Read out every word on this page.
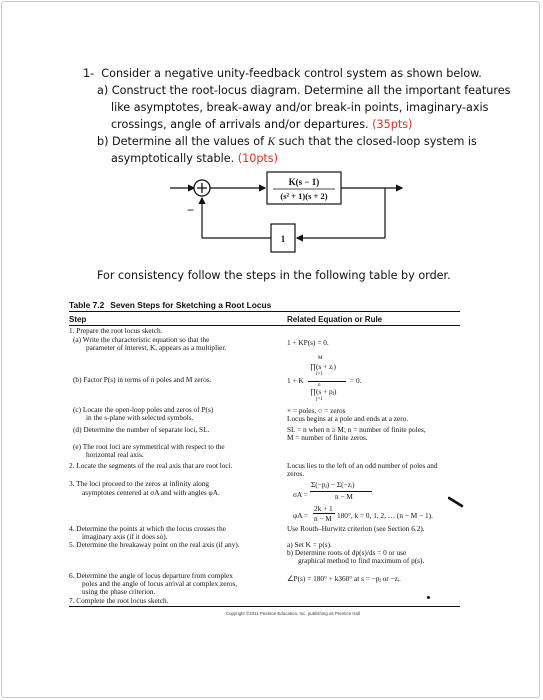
1- Consider a negative unity-feedback control system as shown below.
a) Construct the root-locus diagram. Determine all the important features
like asymptotes, break-away and/or break-in points, imaginary-axis
crossings, angle of arrivals and/or departures. (35pts)
b) Determine all the values of K such that the closed-loop system is
asymptotically stable. (10pts)
−
K(s − 1)
(s² + 1)(s + 2)
1
For consistency follow the steps in the following table by order.
Table 7.2 Seven Steps for Sketching a Root Locus
Step	Related Equation or Rule
1. Prepare the root locus sketch.
(a) Write the characteristic equation so that the
parameter of interest, K, appears as a multiplier.
(b) Factor P(s) in terms of n poles and M zeros.
(c) Locate the open-loop poles and zeros of P(s)
in the s-plane with selected symbols.
(d) Determine the number of separate loci, SL.
(e) The root loci are symmetrical with respect to the
horizontal real axis.
2. Locate the segments of the real axis that are root loci.
3. The loci proceed to the zeros at infinity along
asymptotes centered at σA and with angles φA.
4. Determine the points at which the locus crosses the
imaginary axis (if it does so).
5. Determine the breakaway point on the real axis (if any).
6. Determine the angle of locus departure from complex
poles and the angle of locus arrival at complex zeros,
using the phase criterion.
7. Complete the root locus sketch.
1 + KP(s) = 0.
1 + K
M
∏(s + zᵢ)
i=1
n
∏(s + pⱼ)
j=1
= 0.
× = poles, ○ = zeros
Locus begins at a pole and ends at a zero.
SL = n when n ≥ M; n = number of finite poles,
M = number of finite zeros.
Locus lies to the left of an odd number of poles and
zeros.
σA =
Σ(−pⱼ) − Σ(−zᵢ)
n − M
φA =
2k + 1
n − M 180°, k = 0, 1, 2, … (n − M − 1).
Use Routh–Hurwitz criterion (see Section 6.2).
a) Set K = p(s).
b) Determine roots of dp(s)/ds = 0 or use
graphical method to find maximum of p(s).
∠P(s) = 180° + k360° at s = −pⱼ or −zᵢ.
Copyright ©2011 Pearson Education, Inc. publishing as Prentice Hall
